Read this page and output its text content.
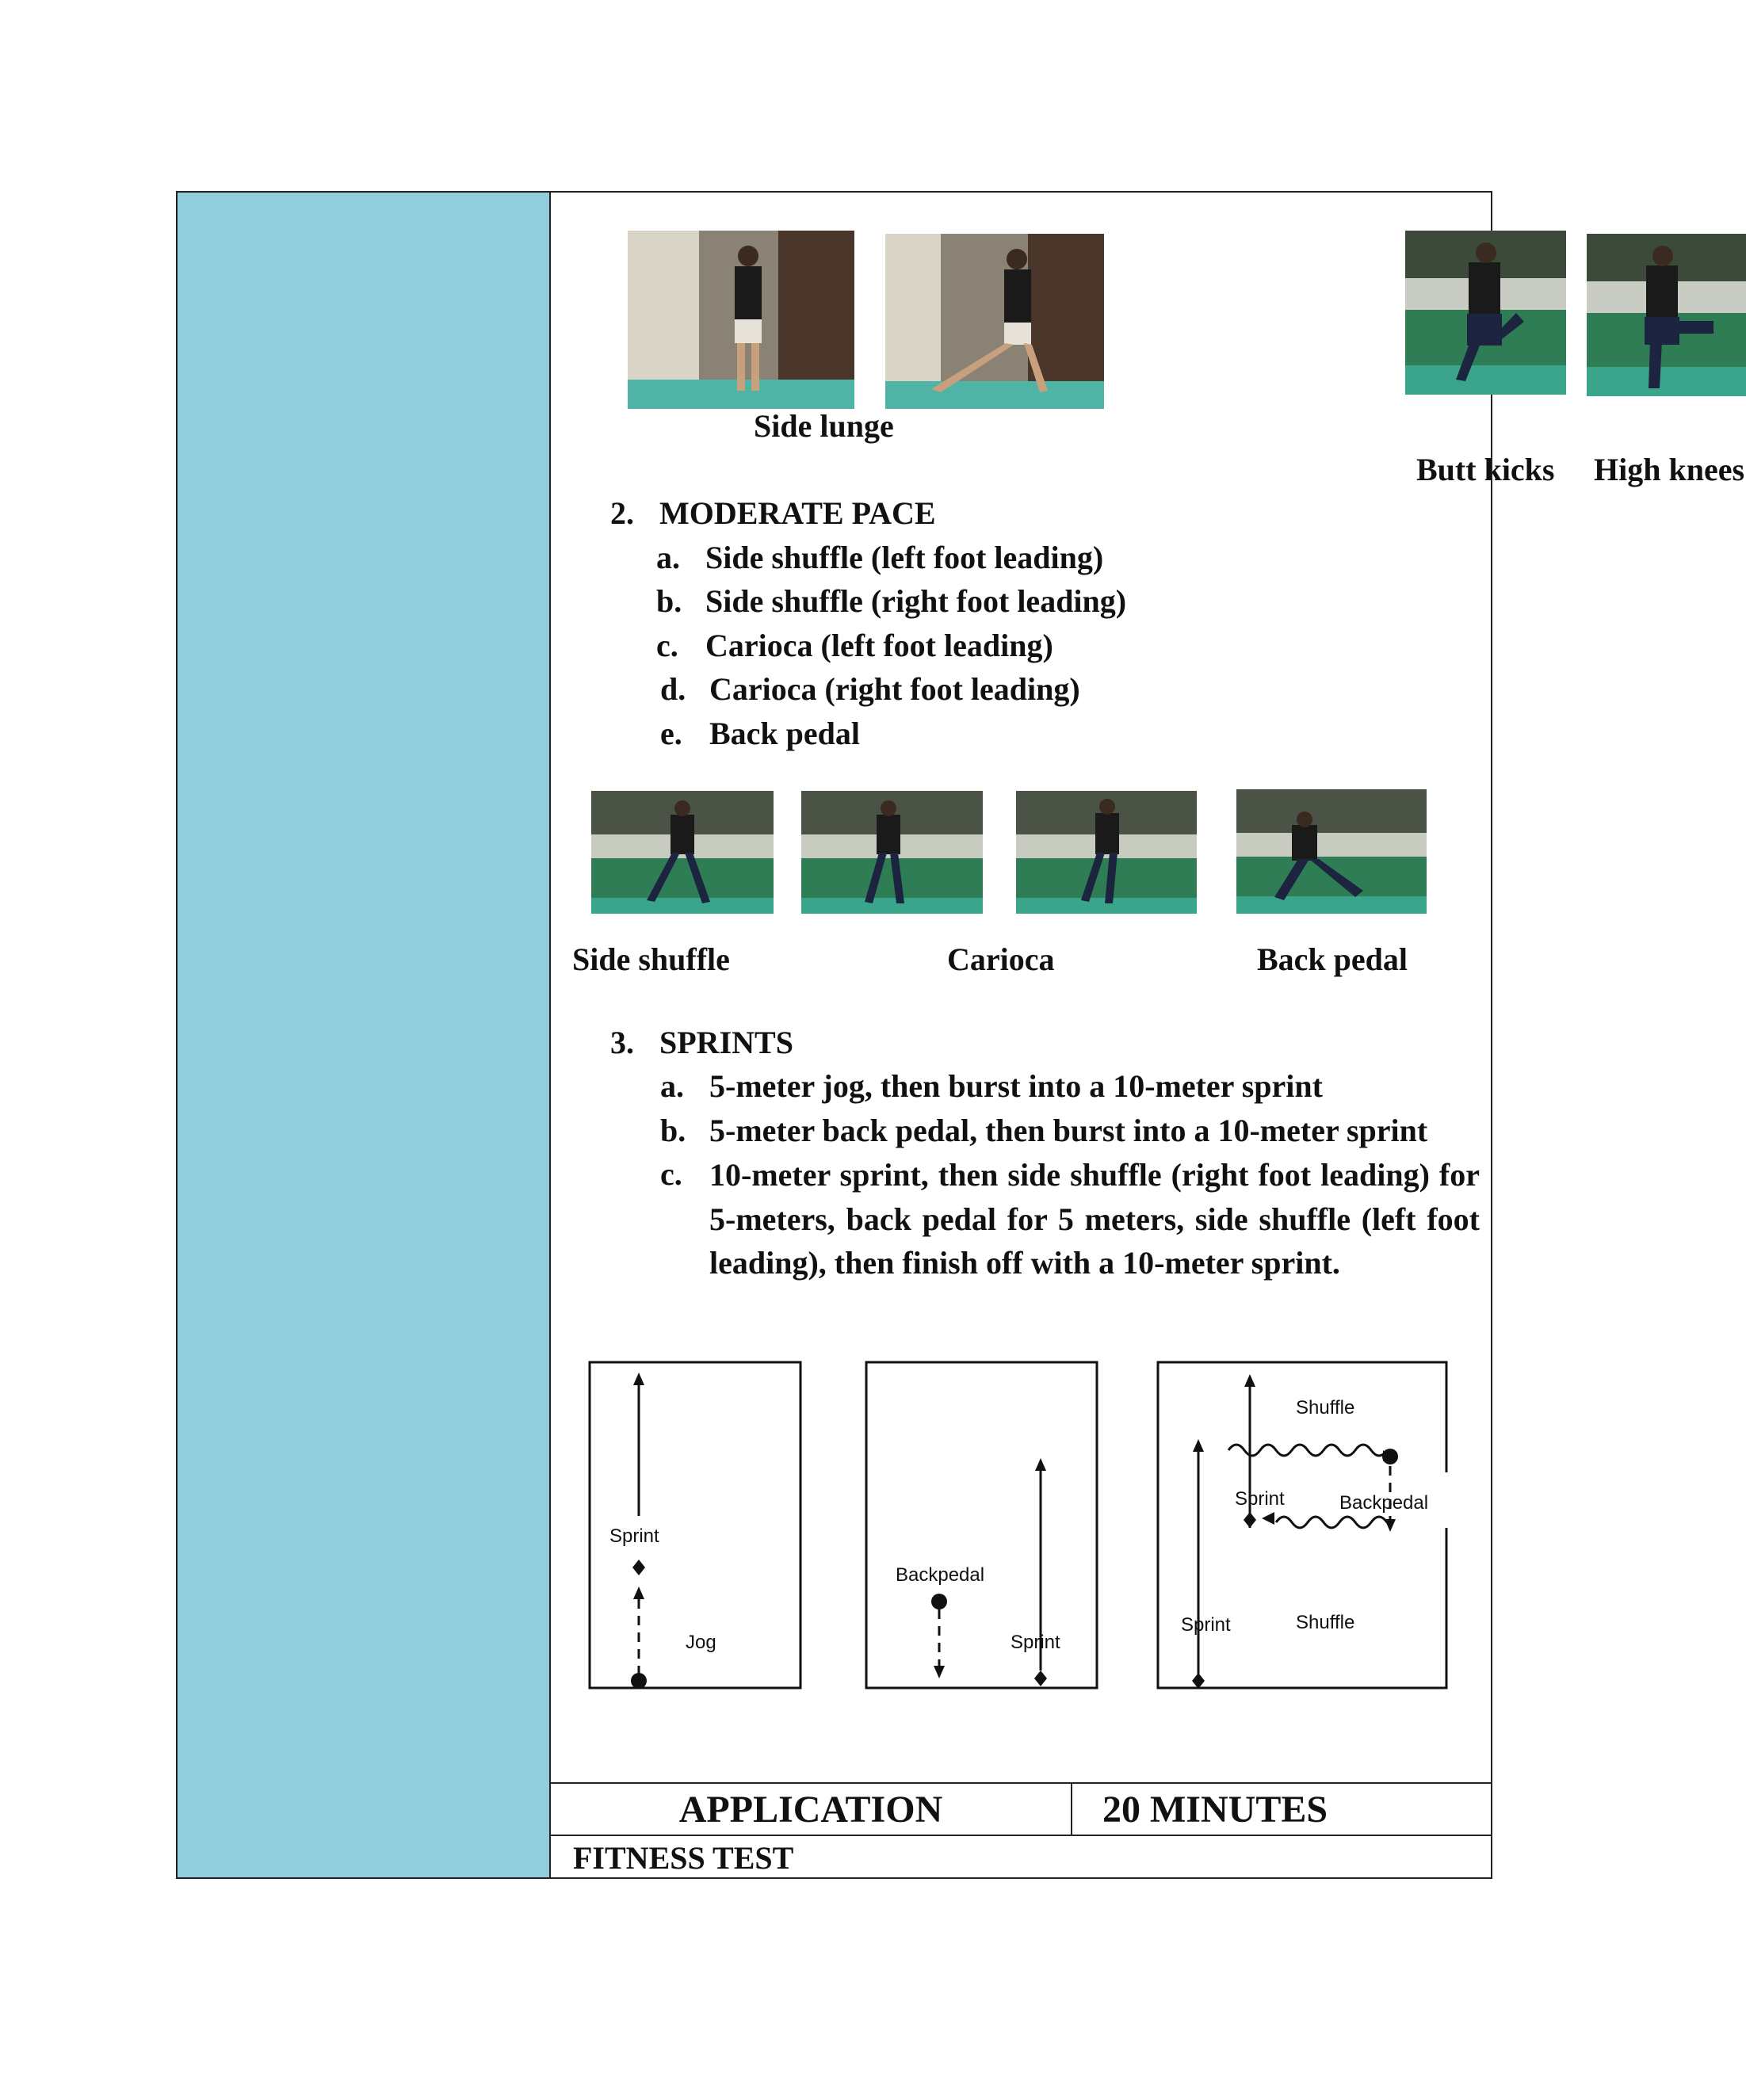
Side lunge
Butt kicks High knees
2. MODERATE PACE
a. Side shuffle (left foot leading)
b. Side shuffle (right foot leading)
c. Carioca (left foot leading)
d. Carioca (right foot leading)
e. Back pedal
Side shuffle	Carioca	Back pedal
3. SPRINTS
a. 5-meter jog, then burst into a 10-meter sprint
b. 5-meter back pedal, then burst into a 10-meter sprint
c. 10-meter sprint, then side shuffle (right foot leading) for 5-meters, back pedal for 5 meters, side shuffle (left foot leading), then finish off with a 10-meter sprint.
Sprint
Jog
Backpedal
Sprint
Shuffle
Backpedal
Sprint
Shuffle
Sprint
APPLICATION	20 MINUTES
FITNESS TEST
